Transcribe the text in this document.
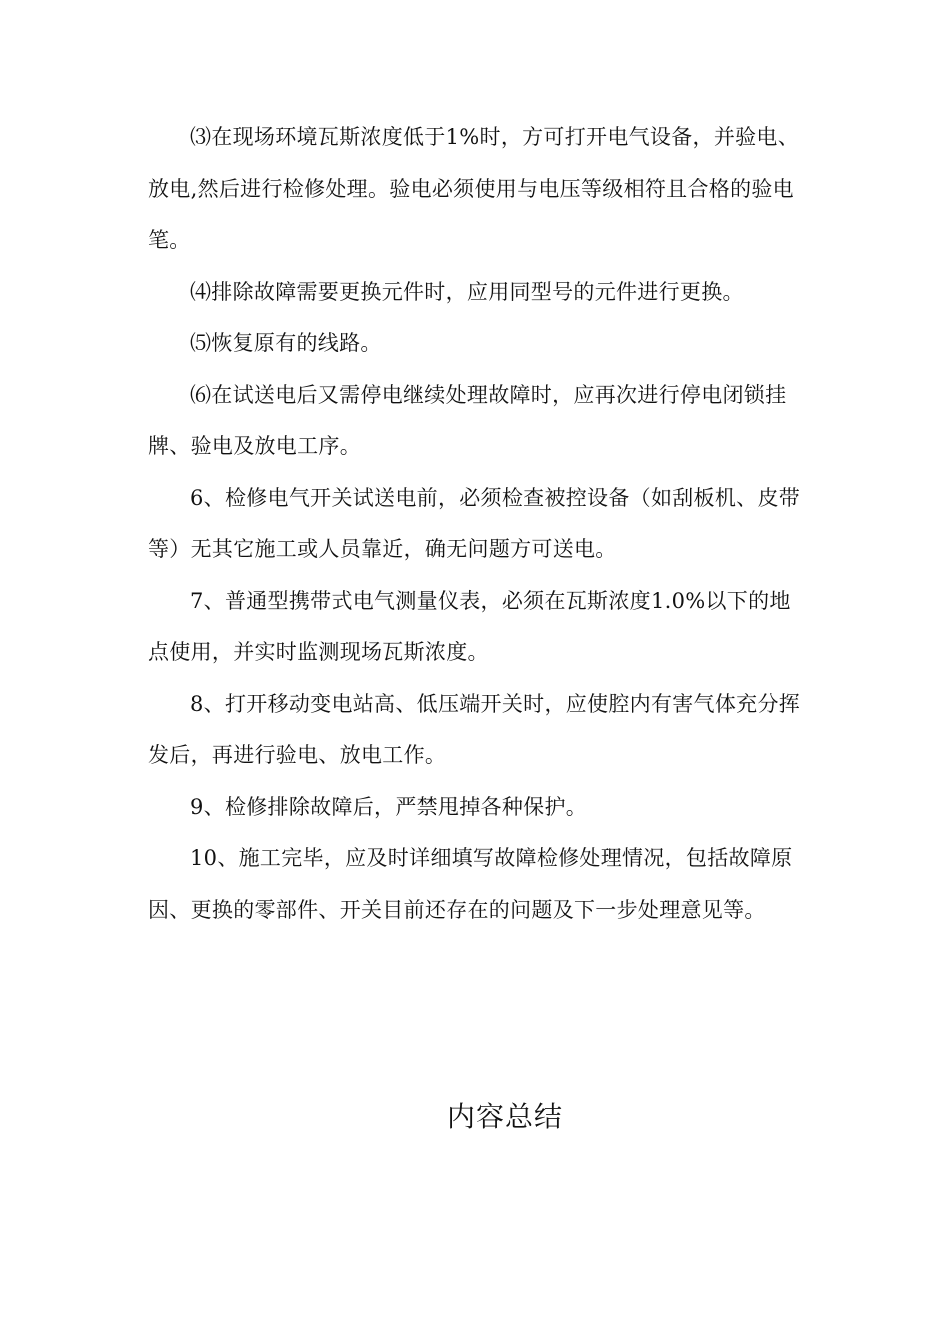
⑶在现场环境瓦斯浓度低于1%时，方可打开电气设备，并验电、放电,然后进行检修处理。验电必须使用与电压等级相符且合格的验电笔。

⑷排除故障需要更换元件时，应用同型号的元件进行更换。

⑸恢复原有的线路。

⑹在试送电后又需停电继续处理故障时，应再次进行停电闭锁挂牌、验电及放电工序。

6、检修电气开关试送电前，必须检查被控设备（如刮板机、皮带等）无其它施工或人员靠近，确无问题方可送电。

7、普通型携带式电气测量仪表，必须在瓦斯浓度1.0%以下的地点使用，并实时监测现场瓦斯浓度。

8、打开移动变电站高、低压端开关时，应使腔内有害气体充分挥发后，再进行验电、放电工作。

9、检修排除故障后，严禁甩掉各种保护。

10、施工完毕，应及时详细填写故障检修处理情况，包括故障原因、更换的零部件、开关目前还存在的问题及下一步处理意见等。

内容总结
